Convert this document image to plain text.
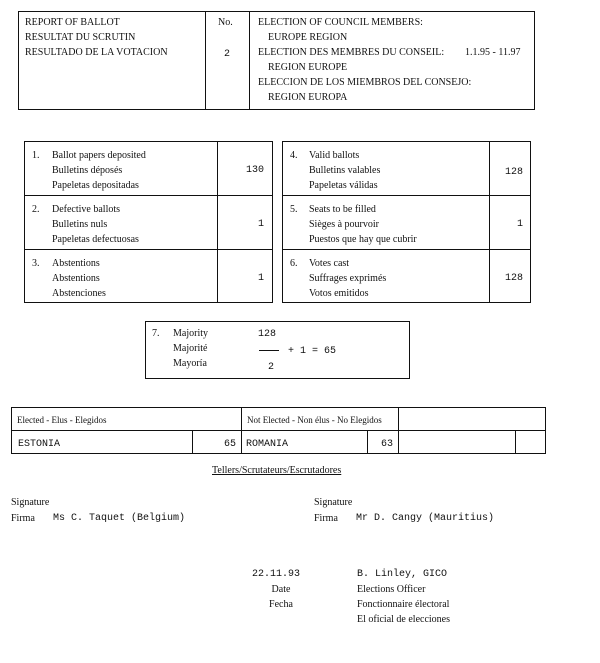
REPORT OF BALLOT
RESULTAT DU SCRUTIN
RESULTADO DE LA VOTACION
No.
2
ELECTION OF COUNCIL MEMBERS:
EUROPE REGION
ELECTION DES MEMBRES DU CONSEIL:
REGION EUROPE
ELECCION DE LOS MIEMBROS DEL CONSEJO:
REGION EUROPA
1.1.95 - 11.97
1. Ballot papers deposited
Bulletins déposés
Papeletas depositadas
130
2. Defective ballots
Bulletins nuls
Papeletas defectuosas
1
3. Abstentions
Abstentions
Abstenciones
1
4. Valid ballots
Bulletins valables
Papeletas válidas
128
5. Seats to be filled
Sièges à pourvoir
Puestos que hay que cubrir
1
6. Votes cast
Suffrages exprimés
Votos emitidos
128
7. Majority
Majorité
Mayoría
128
+ 1 = 65
2
Elected - Elus - Elegidos	Not Elected - Non élus - No Elegidos
ESTONIA	65 ROMANIA	63
Tellers/Scrutateurs/Escrutadores
Signature
Firma Ms C. Taquet (Belgium)
Signature
Firma Mr D. Cangy (Mauritius)
22.11.93
Date
Fecha
B. Linley, GICO
Elections Officer
Fonctionnaire électoral
El oficial de elecciones
